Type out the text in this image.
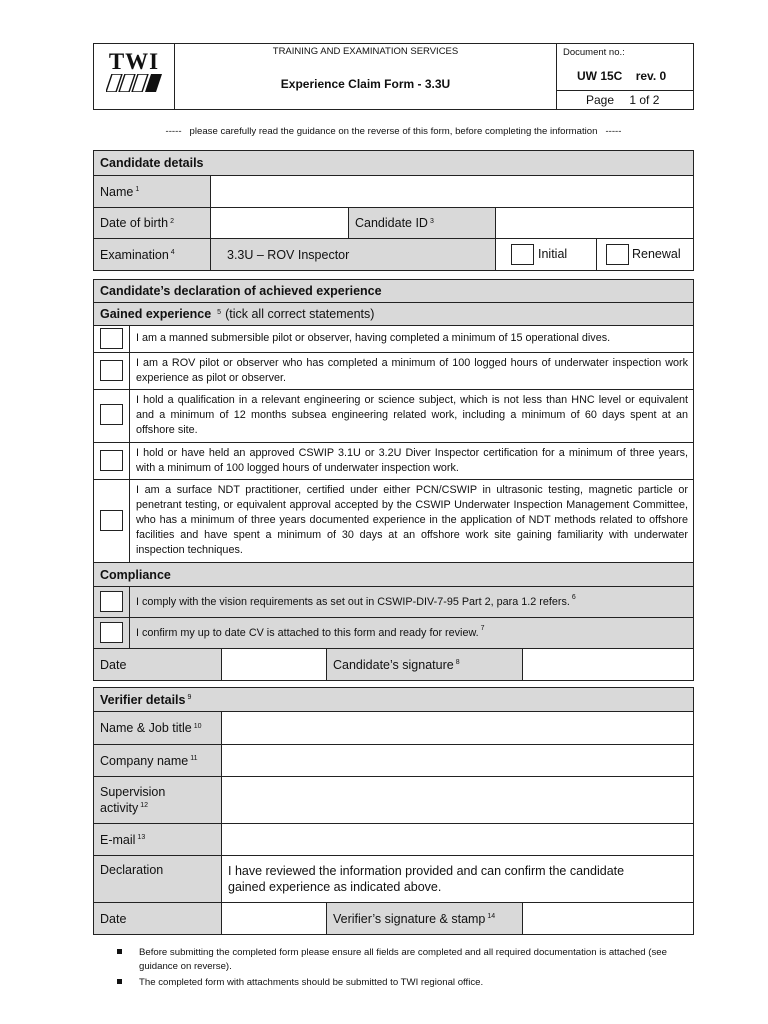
TWI	TRAINING AND EXAMINATION SERVICES
Experience Claim Form - 3.3U
Document no.:
UW 15C rev. 0
Page 1 of 2
-----   please carefully read the guidance on the reverse of this form, before completing the information   -----
Candidate details
Name $^1$
Date of birth $^2$	Candidate ID $^3$
Examination $^4$	3.3U – ROV Inspector	Initial	Renewal
Candidate’s declaration of achieved experience
Gained experience $^5$ (tick all correct statements)
I am a manned submersible pilot or observer, having completed a minimum of 15 operational dives.
I am a ROV pilot or observer who has completed a minimum of 100 logged hours of underwater inspection work experience as pilot or observer.
I hold a qualification in a relevant engineering or science subject, which is not less than HNC level or equivalent and a minimum of 12 months subsea engineering related work, including a minimum of 60 days spent at an offshore site.
I hold or have held an approved CSWIP 3.1U or 3.2U Diver Inspector certification for a minimum of three years, with a minimum of 100 logged hours of underwater inspection work.
I am a surface NDT practitioner, certified under either PCN/CSWIP in ultrasonic testing, magnetic particle or penetrant testing, or equivalent approval accepted by the CSWIP Underwater Inspection Management Committee, who has a minimum of three years documented experience in the application of NDT methods related to offshore facilities and have spent a minimum of 30 days at an offshore work site gaining familiarity with underwater inspection techniques.
Compliance
I comply with the vision requirements as set out in CSWIP-DIV-7-95 Part 2, para 1.2 refers. $^6$
I confirm my up to date CV is attached to this form and ready for review. $^7$
Date	Candidate’s signature $^8$
Verifier details $^9$
Name & Job title $^{10}$
Company name $^{11}$
Supervision
activity $^{12}$
E-mail $^{13}$
Declaration	I have reviewed the information provided and can confirm the candidate gained experience as indicated above.
Date	Verifier’s signature & stamp $^{14}$
Before submitting the completed form please ensure all fields are completed and all required documentation is attached (see guidance on reverse).
The completed form with attachments should be submitted to TWI regional office.
